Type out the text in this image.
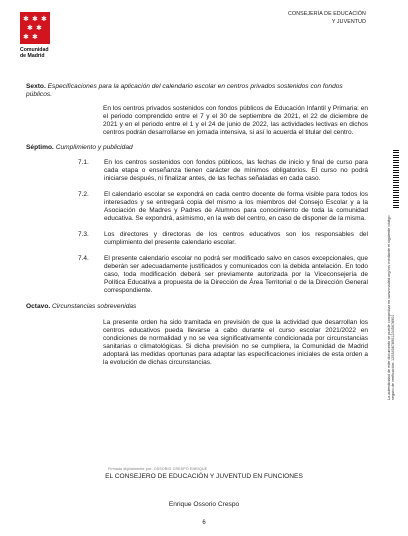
✱ ✱ ✱
✱ ✱
✱ ✱
Comunidad
de Madrid
CONSEJERÍA DE EDUCACIÓN
Y JUVENTUD
La autenticidad de este documento se puede comprobar en www.madrid.org/csv mediante el siguiente código seguro de verificación: 1253456789012345678901

Sexto. Especificaciones para la aplicación del calendario escolar en centros privados sostenidos con fondos públicos.

En los centros privados sostenidos con fondos públicos de Educación Infantil y Primaria: en el periodo comprendido entre el 7 y el 30 de septiembre de 2021, el 22 de diciembre de 2021 y en el periodo entre el 1 y el 24 de junio de 2022, las actividades lectivas en dichos centros podrán desarrollarse en jornada intensiva, si así lo acuerda el titular del centro.

Séptimo. Cumplimiento y publicidad

7.1.	En los centros sostenidos con fondos públicos, las fechas de inicio y final de curso para cada etapa o enseñanza tienen carácter de mínimos obligatorios. El curso no podrá iniciarse después, ni finalizar antes, de las fechas señaladas en cada caso.
7.2.	El calendario escolar se expondrá en cada centro docente de forma visible para todos los interesados y se entregará copia del mismo a los miembros del Consejo Escolar y a la Asociación de Madres y Padres de Alumnos para conocimiento de toda la comunidad educativa. Se expondrá, asimismo, en la web del centro, en caso de disponer de la misma.
7.3.	Los directores y directoras de los centros educativos son los responsables del cumplimiento del presente calendario escolar.
7.4.	El presente calendario escolar no podrá ser modificado salvo en casos excepcionales, que deberán ser adecuadamente justificados y comunicados con la debida antelación. En todo caso, toda modificación deberá ser previamente autorizada por la Viceconsejería de Política Educativa a propuesta de la Dirección de Área Territorial o de la Dirección General correspondiente.

Octavo. Circunstancias sobrevenidas

La presente orden ha sido tramitada en previsión de que la actividad que desarrollan los centros educativos pueda llevarse a cabo durante el curso escolar 2021/2022 en condiciones de normalidad y no se vea significativamente condicionada por circunstancias sanitarias o climatológicas. Si dicha previsión no se cumpliera, la Comunidad de Madrid adoptará las medidas oportunas para adaptar las especificaciones iniciales de esta orden a la evolución de dichas circunstancias.

Firmado digitalmente por: OSSORIO CRESPO ENRIQUE
EL CONSEJERO DE EDUCACIÓN Y JUVENTUD EN FUNCIONES
Enrique Ossorio Crespo
6
